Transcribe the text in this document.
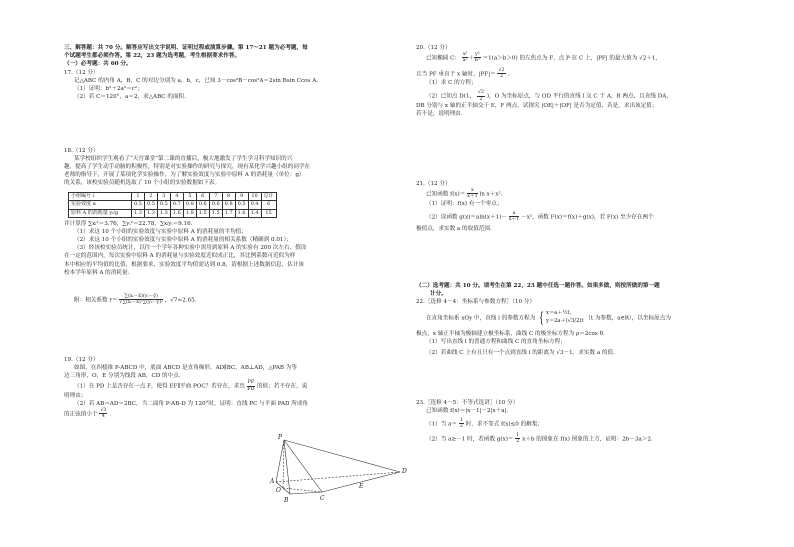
三、解答题：共 70 分。解答应写出文字说明、证明过程或演算步骤。第 17～21 题为必考题，每

个试题考生都必须作答。第 22，23 题为选考题，考生根据要求作答。

（一）必考题：共 60 分。

17.（12 分）

记△ABC 的内角 A，B，C 的对边分别为 a，b，c，已知 3－cos²B－cos²A＝2sin Bsin Ccos A.

（1）证明：b²＋2a²＝c²；

（2）若 C＝120°，a＝2，求△ABC 的面积.

18.（12 分）

某学校组织学生观看了“天宫课堂”第二课的直播后，极大地激发了学生学习科学知识的兴

趣，提高了学生动手动脑的积极性，特别是对实验操作的研究与探究。现有某化学兴趣小组的同学在

老师的指导下，开展了某项化学实验操作，为了解实验效度与实验中原料 A 的消耗量（单位：g）

的关系，该校实验员随机选取了 10 个小组的实验数据如下表。

小组编号 i	1	2	3	4	5	6	7	8	9	10	总计
实验效度 xᵢ	0.5	0.5	0.5	0.7	0.8	0.6	0.6	0.8	0.5	0.4	6
原料 A 的消耗量 yᵢ/g	1.3	1.3	1.3	1.6	1.8	1.5	1.5	1.7	1.6	1.4	15

并计算得 ∑xᵢ²＝3.76，∑yᵢ²＝22.78，∑xᵢyᵢ＝9.16.

（1）求这 10 个小组的实验效度与实验中原料 A 的消耗量的平均值；

（2）求这 10 个小组的实验效度与实验中原料 A 的消耗量的相关系数（精确到 0.01）；

（3）经该校实验员统计，以往一个学年各种实验中需用到原料 A 的实验有 200 次左右，假设

在一定的范围内，每次实验中原料 A 的消耗量与实验效度近似成正比，其比例系数可近似为样

本中相应的平均值的比值，根据要求，实验效度平均值需达到 0.8，请根据上述数据信息，估计该

校本学年原料 A 的消耗量.

附：相关系数 $r= \frac{\text{∑(xᵢ－x̄)(yᵢ－ȳ)}}{\text{√∑(xᵢ－x̄)²∑(yᵢ－ȳ)²}}$ ，√7≈2.65.

19.（12 分）

如图，在四棱锥 P-ABCD 中，底面 ABCD 是直角梯形，AD∥BC，AB⊥AD，△PAB 为等

边三角形，O，E 分别为线段 AB，CD 的中点.

（1）在 PD 上是否存在一点 F，使得 EF∥平面 POC？若存在，求出 $\frac{PF}{FD}$ 的值；若不存在，说

明理由；

（2）若 AB＝AD＝2BC，当二面角 P-AB-D 为 120°时，证明：直线 PC 与平面 PAD 所成角

的正弦值小于 $\frac{√3}{4}$ .

P
A
B	C
D
O
E

20.（12 分）

已知椭圆 C： $\frac{\text{x²}}{\text{a²}} + \frac{\text{y²}}{\text{b²}} =1(a>b>0)$ 的左焦点为 F，点 P 在 C 上，|PF| 的最大值为 √2＋1，

且当 PF 垂直于 x 轴时，$|PF|= \frac{√2}{2}$ .

（1）求 C 的方程；

（2）已知点 D(1， $\frac{√2}{2}$ )，O 为坐标原点，与 OD 平行的直线 l 交 C 于 A，B 两点，且直线 DA，

DB 分别与 x 轴的正半轴交于 E，F 两点，试探究 |OE|＋|OF| 是否为定值，若是，求出该定值；

若不是，说明理由.

21.（12 分）

已知函数 $f(x)= \frac{x}{x+1}$ ln x＋x².

（1）证明：f(x) 有一个零点；

（2）设函数 $g(x)=aln(x+1)- \frac{a}{x+1} -x^2$，函数 F(x)＝f(x)＋g(x)，若 F(x) 至少存在两个

极值点，求实数 a 的取值范围.

（二）选考题：共 10 分。请考生在第 22，23 题中任选一题作答。如果多做，则按所做的第一题

计分。

22.［选修 4－4：坐标系与参数方程］（10 分）

在直角坐标系 xOy 中，直线 l 的参数方程为 { x＝a＋½t，
y＝2a＋(√3/2)t （t 为参数，a∈R），以坐标原点为

极点，x 轴正半轴为极轴建立极坐标系，曲线 C 的极坐标方程为 ρ＝2cos θ.

（1）写出直线 l 的普通方程和曲线 C 的直角坐标方程；

（2）若曲线 C 上有且只有一个点到直线 l 的距离为 √3－1，求实数 a 的值.

23.［选修 4－5：不等式选讲］（10 分）

已知函数 f(x)＝|x－1|－2|x＋a|.

（1）当 $a= \frac{1}{2}$ 时，求不等式 f(x)≤0 的解集；

（2）当 a≥－1 时，若函数 $g(x)= \frac{1}{2} x+b$ 的图象在 f(x) 图象的上方，证明：2b－3a＞2.
